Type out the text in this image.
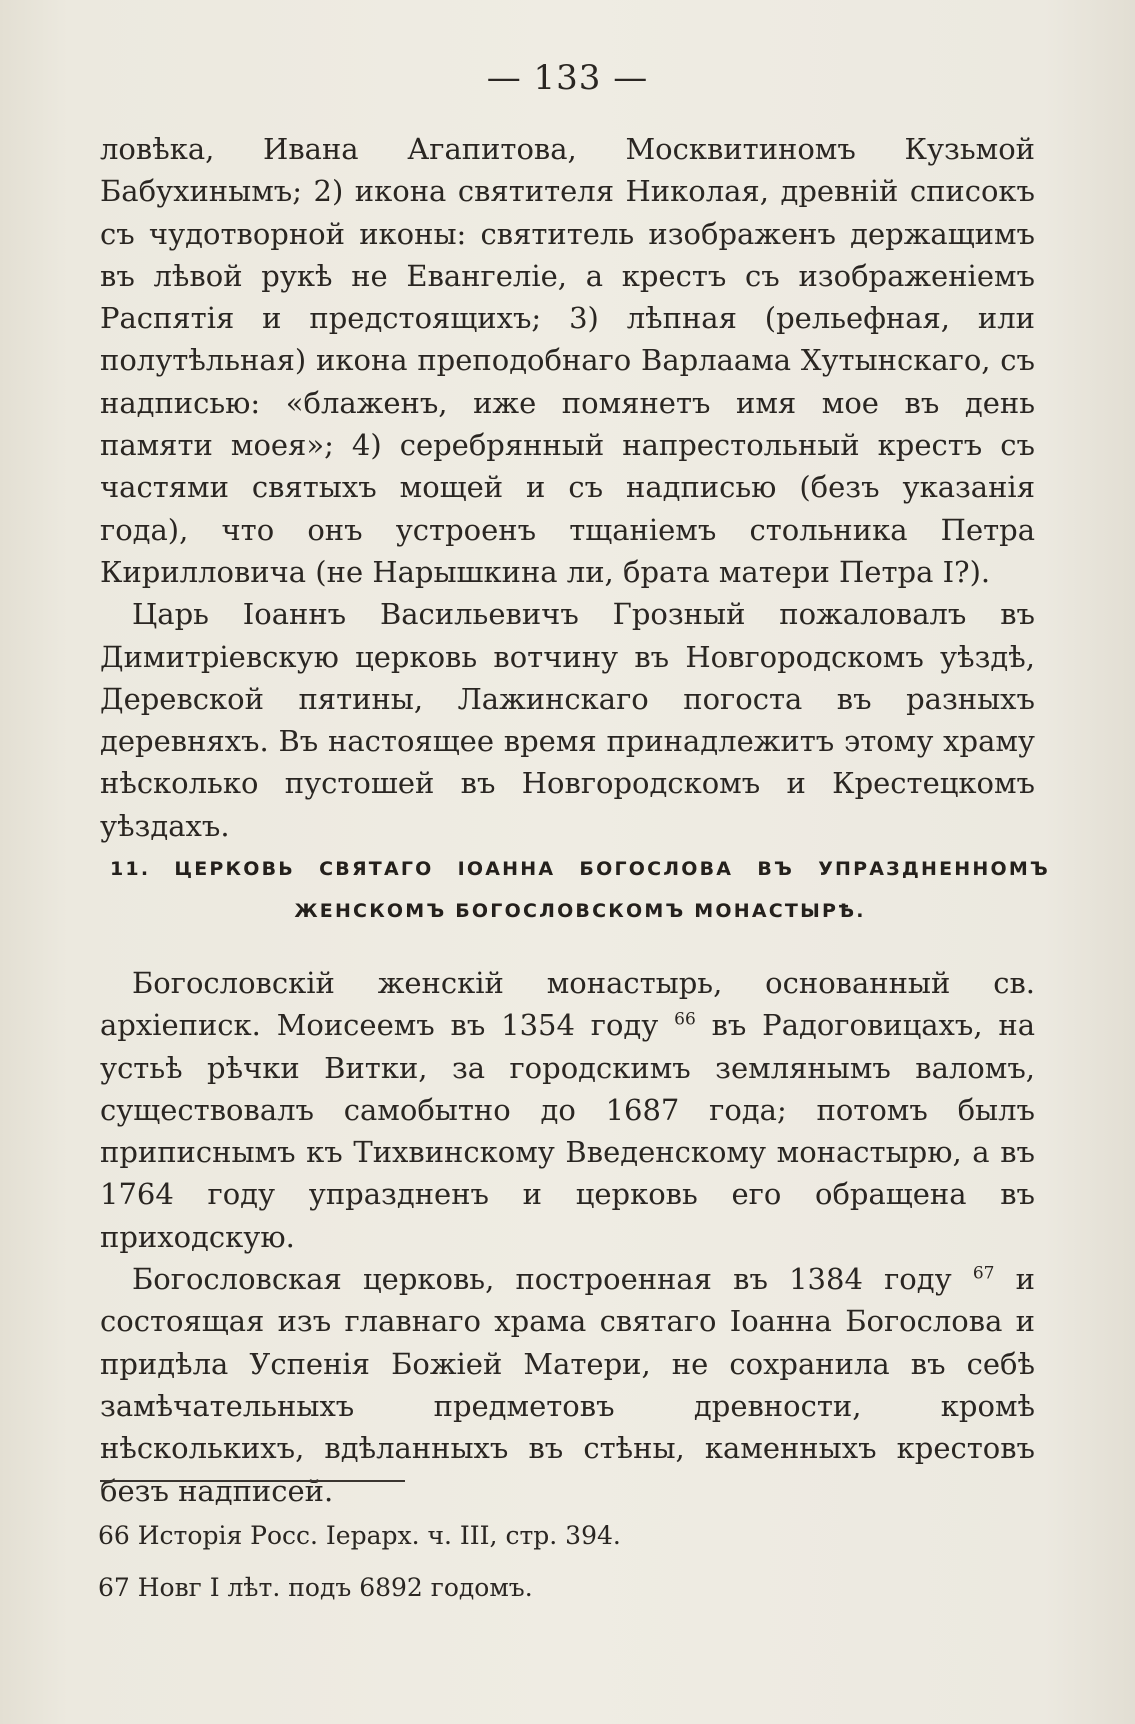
— 133 —

ловѣка, Ивана Агапитова, Москвитиномъ Кузьмой Бабухинымъ; 2) икона святителя Николая, древній списокъ съ чудотворной иконы: святитель изображенъ держащимъ въ лѣвой рукѣ не Евангеліе, а крестъ съ изображеніемъ Распятія и предстоящихъ; 3) лѣпная (рельефная, или полутѣльная) икона преподобнаго Варлаама Хутынскаго, съ надписью: «блаженъ, иже помянетъ имя мое въ день памяти моея»; 4) серебрянный напрестольный крестъ съ частями святыхъ мощей и съ надписью (безъ указанія года), что онъ устроенъ тщаніемъ стольника Петра Кирилловича (не Нарышкина ли, брата матери Петра I?).

Царь Іоаннъ Васильевичъ Грозный пожаловалъ въ Димитріевскую церковь вотчину въ Новгородскомъ уѣздѣ, Деревской пятины, Лажинскаго погоста въ разныхъ деревняхъ. Въ настоящее время принадлежитъ этому храму нѣсколько пустошей въ Новгородскомъ и Крестецкомъ уѣздахъ.

11. ЦЕРКОВЬ СВЯТАГО ІОАННА БОГОСЛОВА ВЪ УПРАЗДНЕННОМЪ ЖЕНСКОМЪ БОГОСЛОВСКОМЪ МОНАСТЫРѢ.

Богословскій женскій монастырь, основанный св. архіеписк. Моисеемъ въ 1354 году $^{66}$ въ Радоговицахъ, на устьѣ рѣчки Витки, за городскимъ землянымъ валомъ, существовалъ самобытно до 1687 года; потомъ былъ приписнымъ къ Тихвинскому Введенскому монастырю, а въ 1764 году упраздненъ и церковь его обращена въ приходскую.

Богословская церковь, построенная въ 1384 году $^{67}$ и состоящая изъ главнаго храма святаго Іоанна Богослова и придѣла Успенія Божіей Матери, не сохранила въ себѣ замѣчательныхъ предметовъ древности, кромѣ нѣсколькихъ, вдѣланныхъ въ стѣны, каменныхъ крестовъ безъ надписей.

66 Исторія Росс. Іерарх. ч. III, стр. 394.
67 Новг I лѣт. подъ 6892 годомъ.
